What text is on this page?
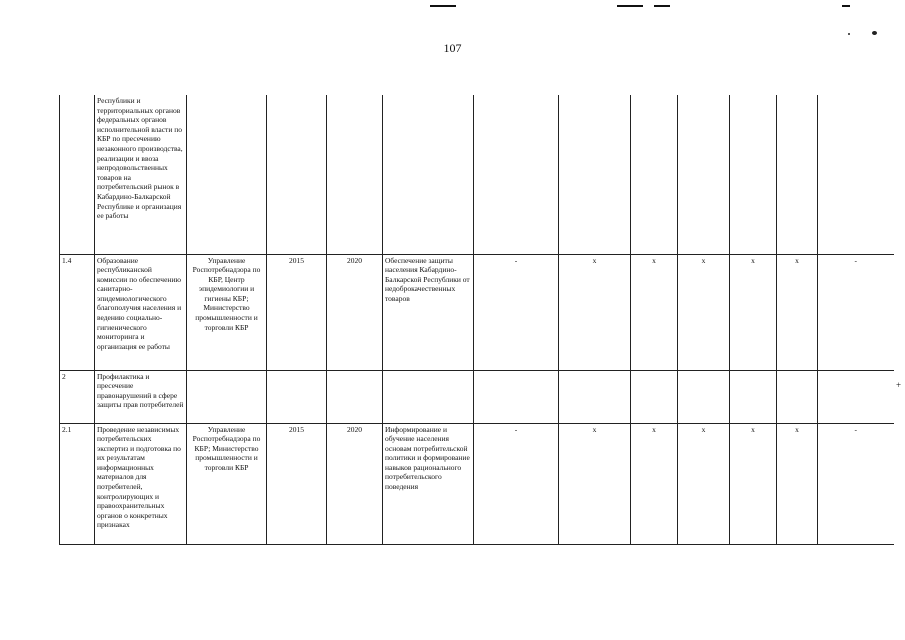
107
	Республики и территориальных органов федеральных органов исполнительной власти по КБР по пресечению незаконного производства, реализации и ввоза непродовольственных товаров на потребительский рынок в Кабардино-Балкарской Республике и организация ее работы											
1.4	Образование республиканской комиссии по обеспечению санитарно-эпидемиологического благополучия населения и ведению социально-гигиенического мониторинга и организация ее работы	Управление Роспотребнадзора по КБР, Центр эпидемиологии и гигиены КБР; Министерство промышленности и торговли КБР	2015	2020	Обеспечение защиты населения Кабардино-Балкарской Республики от недоброкачественных товаров	-	x	x	x	x	x	-
2	Профилактика и пресечение правонарушений в сфере защиты прав потребителей											
2.1	Проведение независимых потребительских экспертиз и подготовка по их результатам информационных материалов для потребителей, контролирующих и правоохранительных органов о конкретных признаках	Управление Роспотребнадзора по КБР; Министерство промышленности и торговли КБР	2015	2020	Информирование и обучение населения основам потребительской политики и формирование навыков рационального потребительского поведения	-	x	x	x	x	x	-
+
